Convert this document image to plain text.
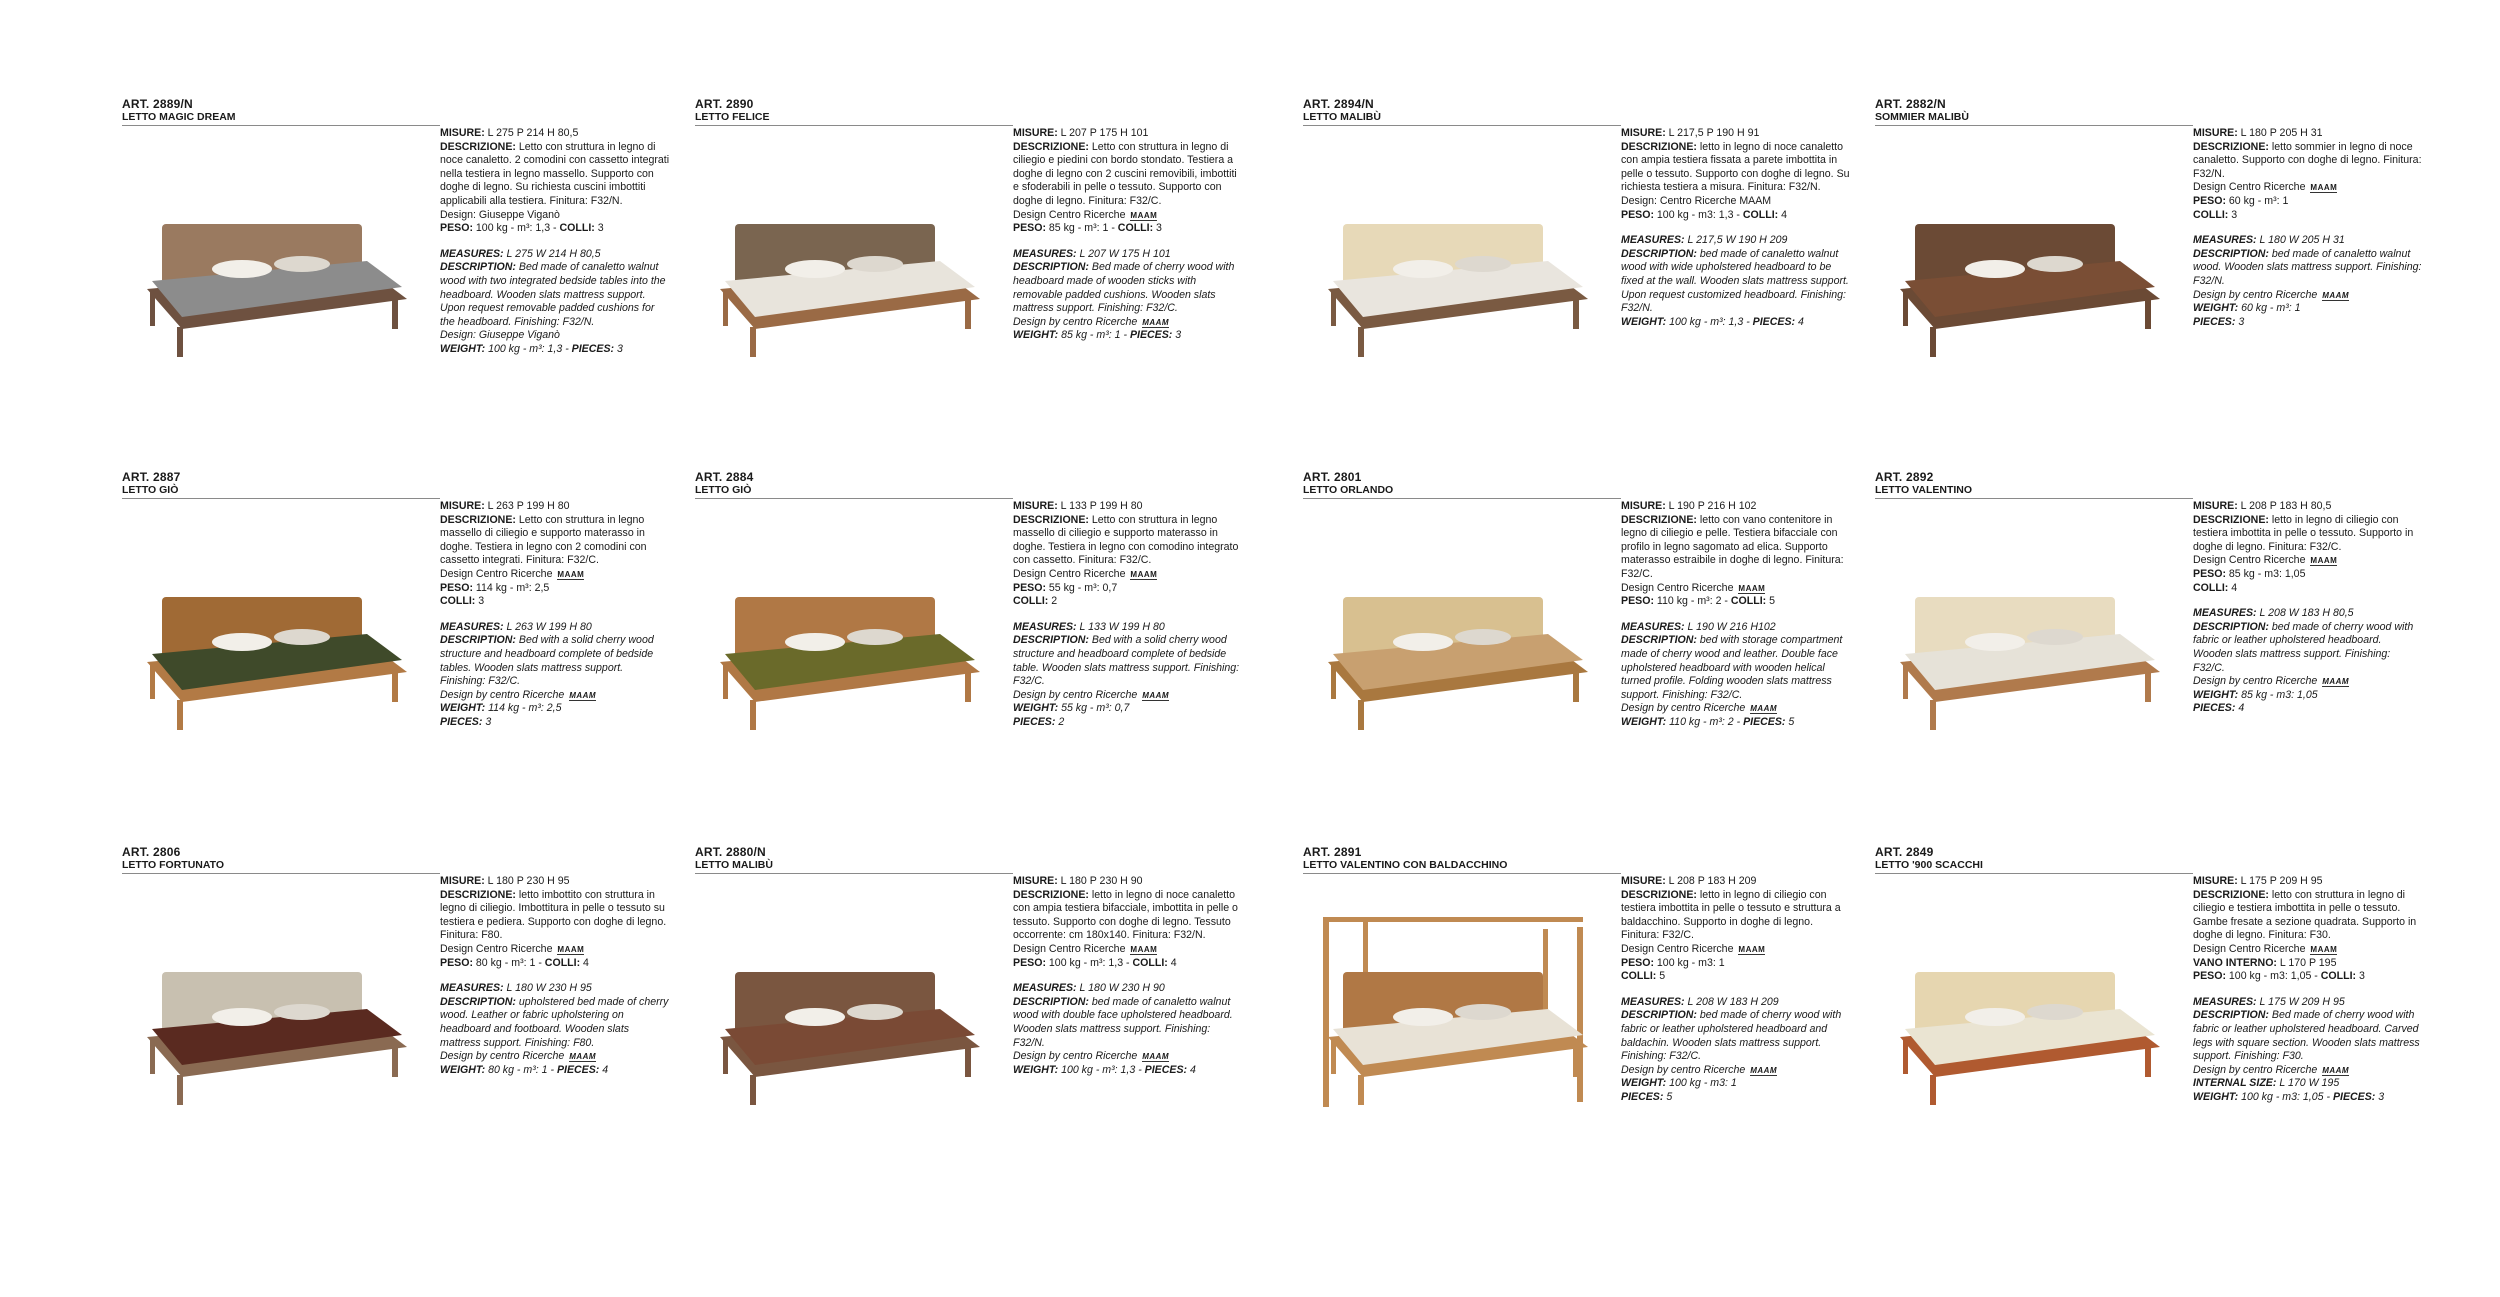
ART. 2889/N
LETTO MAGIC DREAM
MISURE: L 275 P 214 H 80,5
DESCRIZIONE: Letto con struttura in legno di noce canaletto. 2 comodini con cassetto integrati nella testiera in legno massello. Supporto con doghe di legno. Su richiesta cuscini imbottiti applicabili alla testiera. Finitura: F32/N.
Design: Giuseppe Viganò
PESO: 100 kg - m³: 1,3 - COLLI: 3
MEASURES: L 275 W 214 H 80,5
DESCRIPTION: Bed made of canaletto walnut wood with two integrated bedside tables into the headboard. Wooden slats mattress support. Upon request removable padded cushions for the headboard. Finishing: F32/N.
Design: Giuseppe Viganò
WEIGHT: 100 kg - m³: 1,3 - PIECES: 3
ART. 2890
LETTO FELICE
MISURE: L 207 P 175 H 101
DESCRIZIONE: Letto con struttura in legno di ciliegio e piedini con bordo stondato. Testiera a doghe di legno con 2 cuscini removibili, imbottiti e sfoderabili in pelle o tessuto. Supporto con doghe di legno. Finitura: F32/C.
Design Centro Ricerche MAAM
PESO: 85 kg - m³: 1 - COLLI: 3
MEASURES: L 207 W 175 H 101
DESCRIPTION: Bed made of cherry wood with headboard made of wooden sticks with removable padded cushions. Wooden slats mattress support. Finishing: F32/C.
Design by centro Ricerche MAAM
WEIGHT: 85 kg - m³: 1 - PIECES: 3
ART. 2894/N
LETTO MALIBÙ
MISURE: L 217,5 P 190 H 91
DESCRIZIONE: letto in legno di noce canaletto con ampia testiera fissata a parete imbottita in pelle o tessuto. Supporto con doghe di legno. Su richiesta testiera a misura. Finitura: F32/N.
Design: Centro Ricerche MAAM
PESO: 100 kg - m3: 1,3 - COLLI: 4
MEASURES: L 217,5 W 190 H 209
DESCRIPTION: bed made of canaletto walnut wood with wide upholstered headboard to be fixed at the wall. Wooden slats mattress support. Upon request customized headboard. Finishing: F32/N.
WEIGHT: 100 kg - m³: 1,3 - PIECES: 4
ART. 2882/N
SOMMIER MALIBÙ
MISURE: L 180 P 205 H 31
DESCRIZIONE: letto sommier in legno di noce canaletto. Supporto con doghe di legno. Finitura: F32/N.
Design Centro Ricerche MAAM
PESO: 60 kg - m³: 1
COLLI: 3
MEASURES: L 180 W 205 H 31
DESCRIPTION: bed made of canaletto walnut wood. Wooden slats mattress support. Finishing: F32/N.
Design by centro Ricerche MAAM
WEIGHT: 60 kg - m³: 1
PIECES: 3
ART. 2887
LETTO GIÒ
MISURE: L 263 P 199 H 80
DESCRIZIONE: Letto con struttura in legno massello di ciliegio e supporto materasso in doghe. Testiera in legno con 2 comodini con cassetto integrati. Finitura: F32/C.
Design Centro Ricerche MAAM
PESO: 114 kg - m³: 2,5
COLLI: 3
MEASURES: L 263 W 199 H 80
DESCRIPTION: Bed with a solid cherry wood structure and headboard complete of bedside tables. Wooden slats mattress support. Finishing: F32/C.
Design by centro Ricerche MAAM
WEIGHT: 114 kg - m³: 2,5
PIECES: 3
ART. 2884
LETTO GIÒ
MISURE: L 133 P 199 H 80
DESCRIZIONE: Letto con struttura in legno massello di ciliegio e supporto materasso in doghe. Testiera in legno con comodino integrato con cassetto. Finitura: F32/C.
Design Centro Ricerche MAAM
PESO: 55 kg - m³: 0,7
COLLI: 2
MEASURES: L 133 W 199 H 80
DESCRIPTION: Bed with a solid cherry wood structure and headboard complete of bedside table. Wooden slats mattress support. Finishing: F32/C.
Design by centro Ricerche MAAM
WEIGHT: 55 kg - m³: 0,7
PIECES: 2
ART. 2801
LETTO ORLANDO
MISURE: L 190 P 216 H 102
DESCRIZIONE: letto con vano contenitore in legno di ciliegio e pelle. Testiera bifacciale con profilo in legno sagomato ad elica. Supporto materasso estraibile in doghe di legno. Finitura: F32/C.
Design Centro Ricerche MAAM
PESO: 110 kg - m³: 2 - COLLI: 5
MEASURES: L 190 W 216 H102
DESCRIPTION: bed with storage compartment made of cherry wood and leather. Double face upholstered headboard with wooden helical turned profile. Folding wooden slats mattress support. Finishing: F32/C.
Design by centro Ricerche MAAM
WEIGHT: 110 kg - m³: 2 - PIECES: 5
ART. 2892
LETTO VALENTINO
MISURE: L 208 P 183 H 80,5
DESCRIZIONE: letto in legno di ciliegio con testiera imbottita in pelle o tessuto. Supporto in doghe di legno. Finitura: F32/C.
Design Centro Ricerche MAAM
PESO: 85 kg - m3: 1,05
COLLI: 4
MEASURES: L 208 W 183 H 80,5
DESCRIPTION: bed made of cherry wood with fabric or leather upholstered headboard. Wooden slats mattress support. Finishing: F32/C.
Design by centro Ricerche MAAM
WEIGHT: 85 kg - m3: 1,05
PIECES: 4
ART. 2806
LETTO FORTUNATO
MISURE: L 180 P 230 H 95
DESCRIZIONE: letto imbottito con struttura in legno di ciliegio. Imbottitura in pelle o tessuto su testiera e pediera. Supporto con doghe di legno. Finitura: F80.
Design Centro Ricerche MAAM
PESO: 80 kg - m³: 1 - COLLI: 4
MEASURES: L 180 W 230 H 95
DESCRIPTION: upholstered bed made of cherry wood. Leather or fabric upholstering on headboard and footboard. Wooden slats mattress support. Finishing: F80.
Design by centro Ricerche MAAM
WEIGHT: 80 kg - m³: 1 - PIECES: 4
ART. 2880/N
LETTO MALIBÙ
MISURE: L 180 P 230 H 90
DESCRIZIONE: letto in legno di noce canaletto con ampia testiera bifacciale, imbottita in pelle o tessuto. Supporto con doghe di legno. Tessuto occorrente: cm 180x140. Finitura: F32/N.
Design Centro Ricerche MAAM
PESO: 100 kg - m³: 1,3 - COLLI: 4
MEASURES: L 180 W 230 H 90
DESCRIPTION: bed made of canaletto walnut wood with double face upholstered headboard. Wooden slats mattress support. Finishing: F32/N.
Design by centro Ricerche MAAM
WEIGHT: 100 kg - m³: 1,3 - PIECES: 4
ART. 2891
LETTO VALENTINO CON BALDACCHINO
MISURE: L 208 P 183 H 209
DESCRIZIONE: letto in legno di ciliegio con testiera imbottita in pelle o tessuto e struttura a baldacchino. Supporto in doghe di legno. Finitura: F32/C.
Design Centro Ricerche MAAM
PESO: 100 kg - m3: 1
COLLI: 5
MEASURES: L 208 W 183 H 209
DESCRIPTION: bed made of cherry wood with fabric or leather upholstered headboard and baldachin. Wooden slats mattress support. Finishing: F32/C.
Design by centro Ricerche MAAM
WEIGHT: 100 kg - m3: 1
PIECES: 5
ART. 2849
LETTO '900 SCACCHI
MISURE: L 175 P 209 H 95
DESCRIZIONE: letto con struttura in legno di ciliegio e testiera imbottita in pelle o tessuto. Gambe fresate a sezione quadrata. Supporto in doghe di legno. Finitura: F30.
Design Centro Ricerche MAAM
VANO INTERNO: L 170 P 195
PESO: 100 kg - m3: 1,05 - COLLI: 3
MEASURES: L 175 W 209 H 95
DESCRIPTION: Bed made of cherry wood with fabric or leather upholstered headboard. Carved legs with square section. Wooden slats mattress support. Finishing: F30.
Design by centro Ricerche MAAM
INTERNAL SIZE: L 170 W 195
WEIGHT: 100 kg - m3: 1,05 - PIECES: 3
